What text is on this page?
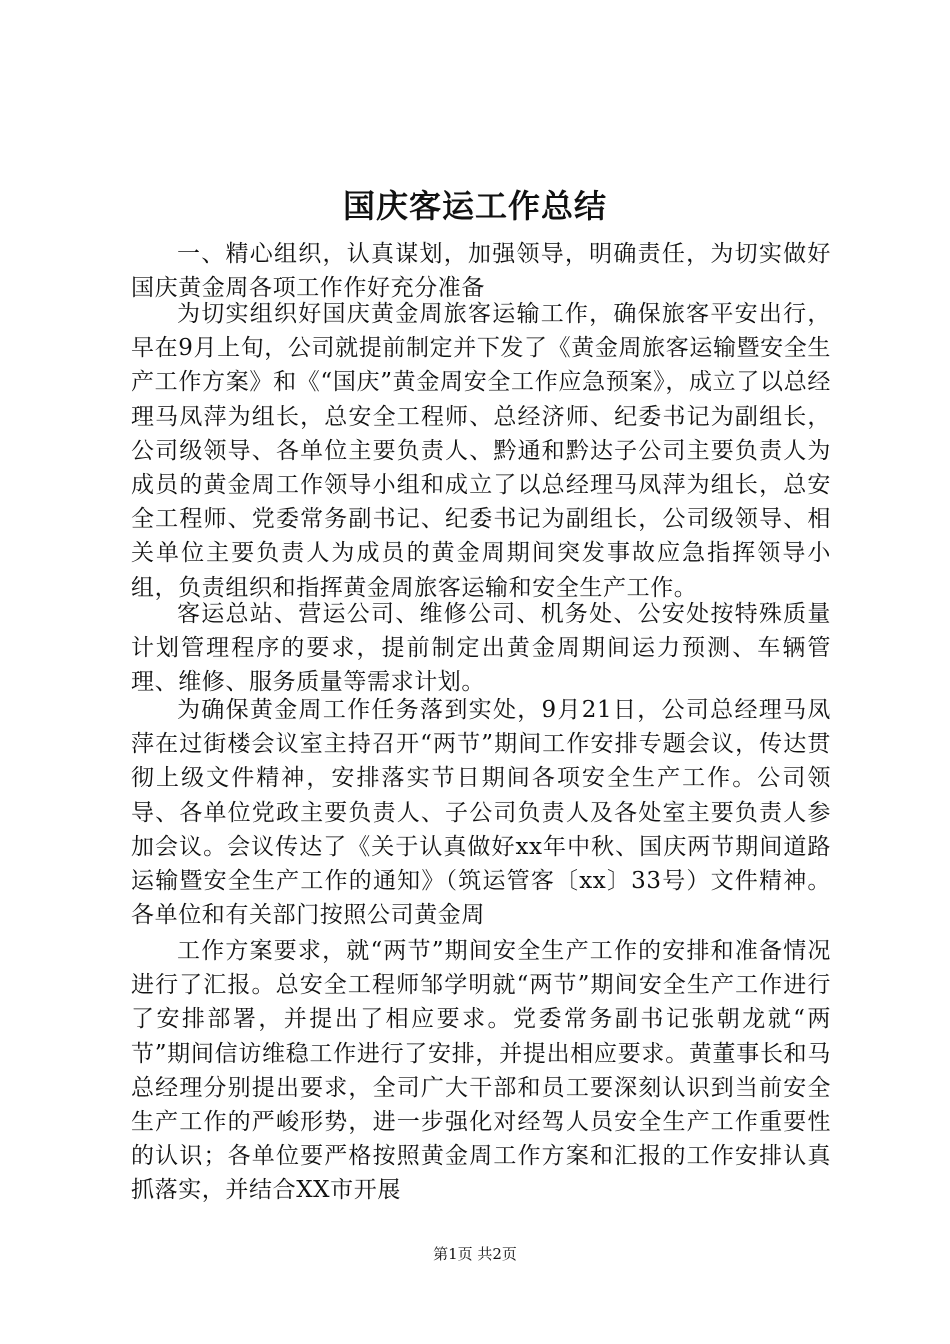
国庆客运工作总结

一、精心组织，认真谋划，加强领导，明确责任，为切实做好国庆黄金周各项工作作好充分准备

为切实组织好国庆黄金周旅客运输工作，确保旅客平安出行，早在9月上旬，公司就提前制定并下发了《黄金周旅客运输暨安全生产工作方案》和《“国庆”黄金周安全工作应急预案》，成立了以总经理马凤萍为组长，总安全工程师、总经济师、纪委书记为副组长，公司级领导、各单位主要负责人、黔通和黔达子公司主要负责人为成员的黄金周工作领导小组和成立了以总经理马凤萍为组长，总安全工程师、党委常务副书记、纪委书记为副组长，公司级领导、相关单位主要负责人为成员的黄金周期间突发事故应急指挥领导小组，负责组织和指挥黄金周旅客运输和安全生产工作。

客运总站、营运公司、维修公司、机务处、公安处按特殊质量计划管理程序的要求，提前制定出黄金周期间运力预测、车辆管理、维修、服务质量等需求计划。

为确保黄金周工作任务落到实处，9月21日，公司总经理马凤萍在过街楼会议室主持召开“两节”期间工作安排专题会议，传达贯彻上级文件精神，安排落实节日期间各项安全生产工作。公司领导、各单位党政主要负责人、子公司负责人及各处室主要负责人参加会议。会议传达了《关于认真做好xx年中秋、国庆两节期间道路运输暨安全生产工作的通知》（筑运管客〔xx〕33号）文件精神。各单位和有关部门按照公司黄金周

工作方案要求，就“两节”期间安全生产工作的安排和准备情况进行了汇报。总安全工程师邹学明就“两节”期间安全生产工作进行了安排部署，并提出了相应要求。党委常务副书记张朝龙就“两节”期间信访维稳工作进行了安排，并提出相应要求。黄董事长和马总经理分别提出要求，全司广大干部和员工要深刻认识到当前安全生产工作的严峻形势，进一步强化对经驾人员安全生产工作重要性的认识；各单位要严格按照黄金周工作方案和汇报的工作安排认真抓落实，并结合XX市开展

第1页 共2页
